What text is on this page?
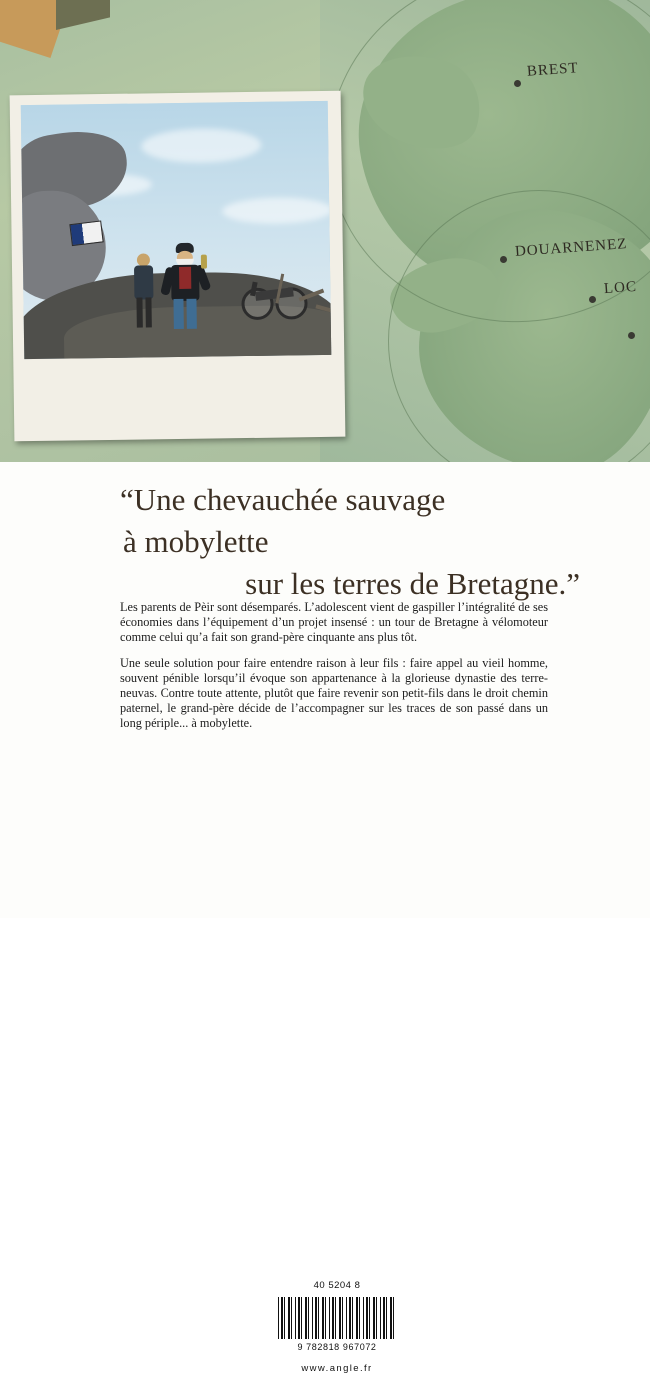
BREST
DOUARNENEZ
LOC
“Une chevauchée sauvage
à mobylette
sur les terres de Bretagne.”

Les parents de Pèir sont désemparés. L’adolescent vient de gaspiller l’intégralité de ses économies dans l’équipement d’un projet insensé : un tour de Bretagne à vélomoteur comme celui qu’a fait son grand-père cinquante ans plus tôt.

Une seule solution pour faire entendre raison à leur fils : faire appel au vieil homme, souvent pénible lorsqu’il évoque son appartenance à la glorieuse dynastie des terre-neuvas. Contre toute attente, plutôt que faire revenir son petit-fils dans le droit chemin paternel, le grand-père décide de l’accompagner sur les traces de son passé dans un long périple... à mobylette.

40 5204 8
9 782818 967072
www.angle.fr
